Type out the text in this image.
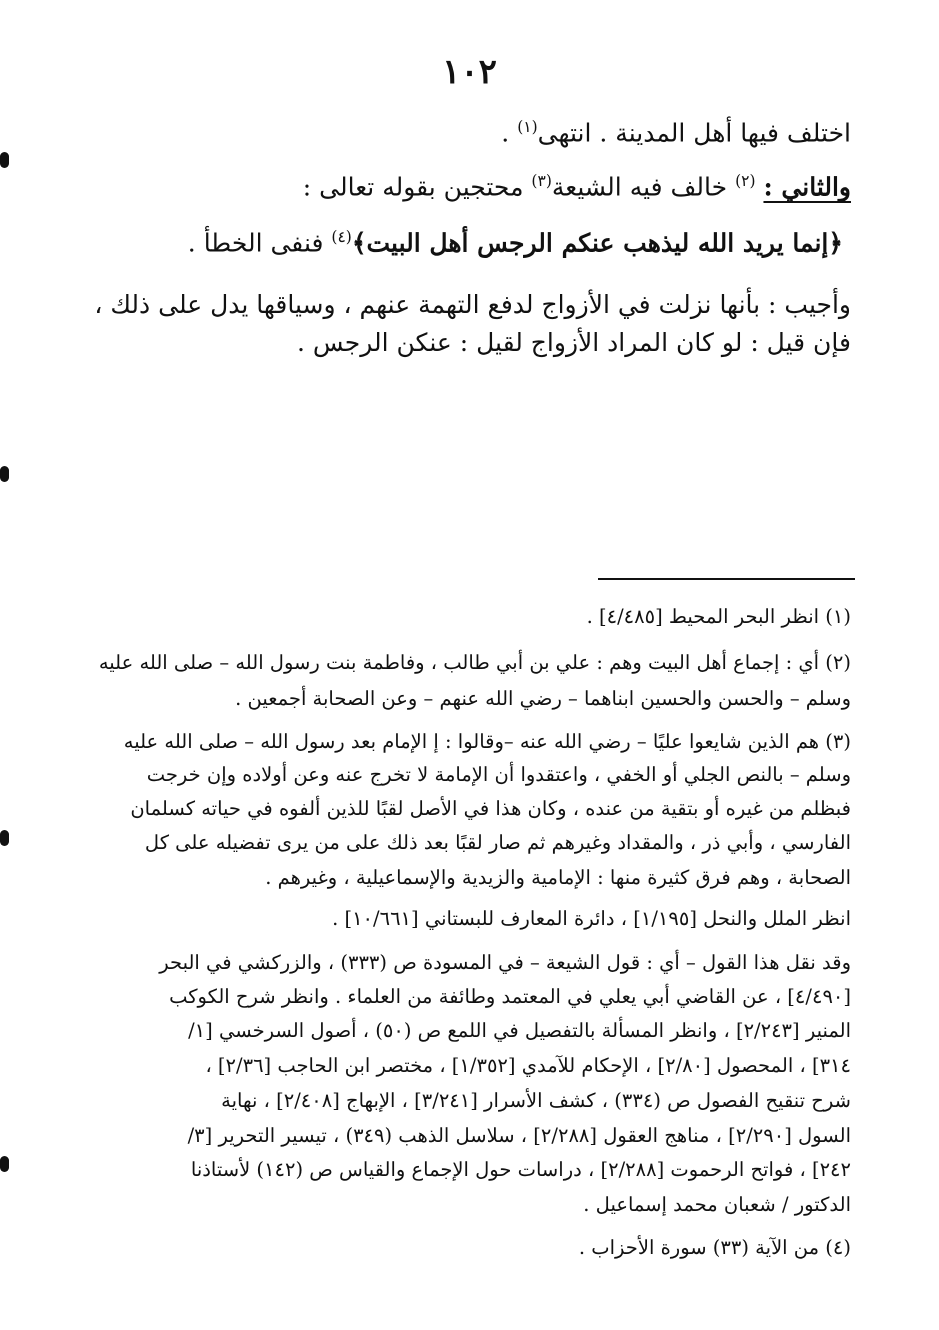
١٠٢
اختلف فيها أهل المدينة . انتهى$^{(١)}$ .
والثاني : $^{(٢)}$ خالف فيه الشيعة$^{(٣)}$ محتجين بقوله تعالى :
﴿إنما يريد الله ليذهب عنكم الرجس أهل البيت﴾$^{(٤)}$ فنفى الخطأ .
وأجيب : بأنها نزلت في الأزواج لدفع التهمة عنهم ، وسياقها يدل على ذلك ،
فإن قيل : لو كان المراد الأزواج لقيل : عنكن الرجس .
(١) انظر البحر المحيط [٤/٤٨٥] .
(٢) أي : إجماع أهل البيت وهم : علي بن أبي طالب ، وفاطمة بنت رسول الله – صلى الله عليه
وسلم – والحسن والحسين ابناهما – رضي الله عنهم – وعن الصحابة أجمعين .
(٣) هم الذين شايعوا عليًا – رضي الله عنه –وقالوا : إ الإمام بعد رسول الله – صلى الله عليه
وسلم – بالنص الجلي أو الخفي ، واعتقدوا أن الإمامة لا تخرج عنه وعن أولاده وإن خرجت
فبظلم من غيره أو بتقية من عنده ، وكان هذا في الأصل لقبًا للذين ألفوه في حياته كسلمان
الفارسي ، وأبي ذر ، والمقداد وغيرهم ثم صار لقبًا بعد ذلك على من يرى تفضيله على كل
الصحابة ، وهم فرق كثيرة منها : الإمامية والزيدية والإسماعيلية ، وغيرهم .
انظر الملل والنحل [١/١٩٥] ، دائرة المعارف للبستاني [١٠/٦٦١] .
وقد نقل هذا القول – أي : قول الشيعة – في المسودة ص (٣٣٣) ، والزركشي في البحر
[٤/٤٩٠] ، عن القاضي أبي يعلي في المعتمد وطائفة من العلماء . وانظر شرح الكوكب
المنير [٢/٢٤٣] ، وانظر المسألة بالتفصيل في اللمع ص (٥٠) ، أصول السرخسي [١/
٣١٤] ، المحصول [٢/٨٠] ، الإحكام للآمدي [١/٣٥٢] ، مختصر ابن الحاجب [٢/٣٦] ،
شرح تنقيح الفصول ص (٣٣٤) ، كشف الأسرار [٣/٢٤١] ، الإبهاج [٢/٤٠٨] ، نهاية
السول [٢/٢٩٠] ، مناهج العقول [٢/٢٨٨] ، سلاسل الذهب (٣٤٩) ، تيسير التحرير [٣/
٢٤٢] ، فواتح الرحموت [٢/٢٨٨] ، دراسات حول الإجماع والقياس ص (١٤٢) لأستاذنا
الدكتور / شعبان محمد إسماعيل .
(٤) من الآية (٣٣) سورة الأحزاب .
